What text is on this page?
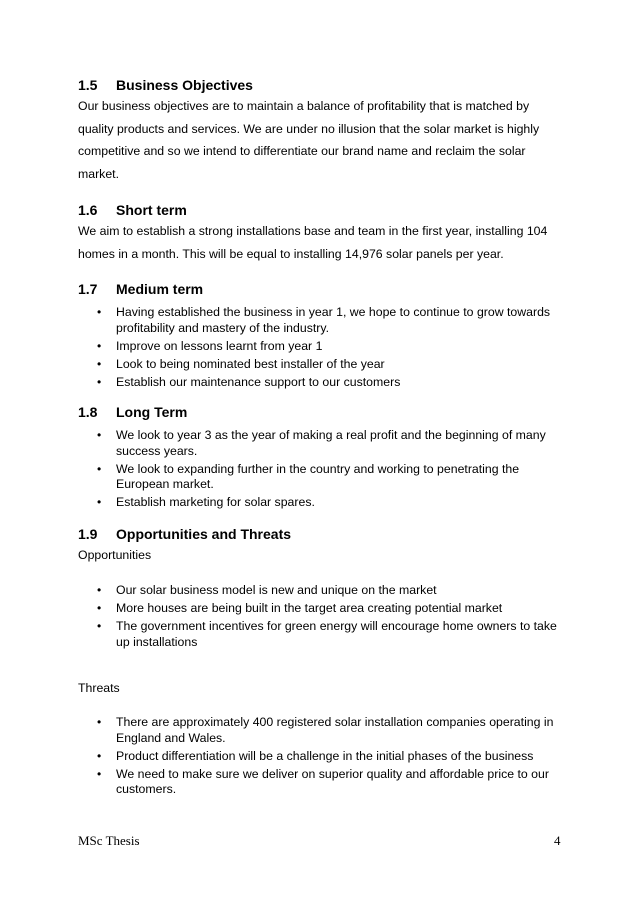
1.5 Business Objectives

Our business objectives are to maintain a balance of profitability that is matched by quality products and services. We are under no illusion that the solar market is highly competitive and so we intend to differentiate our brand name and reclaim the solar market.

1.6 Short term

We aim to establish a strong installations base and team in the first year, installing 104 homes in a month. This will be equal to installing 14,976 solar panels per year.

1.7 Medium term
• Having established the business in year 1, we hope to continue to grow towards profitability and mastery of the industry.
• Improve on lessons learnt from year 1
• Look to being nominated best installer of the year
• Establish our maintenance support to our customers
1.8 Long Term
• We look to year 3 as the year of making a real profit and the beginning of many success years.
• We look to expanding further in the country and working to penetrating the European market.
• Establish marketing for solar spares.
1.9 Opportunities and Threats

Opportunities

• Our solar business model is new and unique on the market
• More houses are being built in the target area creating potential market
• The government incentives for green energy will encourage home owners to take up installations

Threats

• There are approximately 400 registered solar installation companies operating in England and Wales.
• Product differentiation will be a challenge in the initial phases of the business
• We need to make sure we deliver on superior quality and affordable price to our customers.
MSc Thesis	4
